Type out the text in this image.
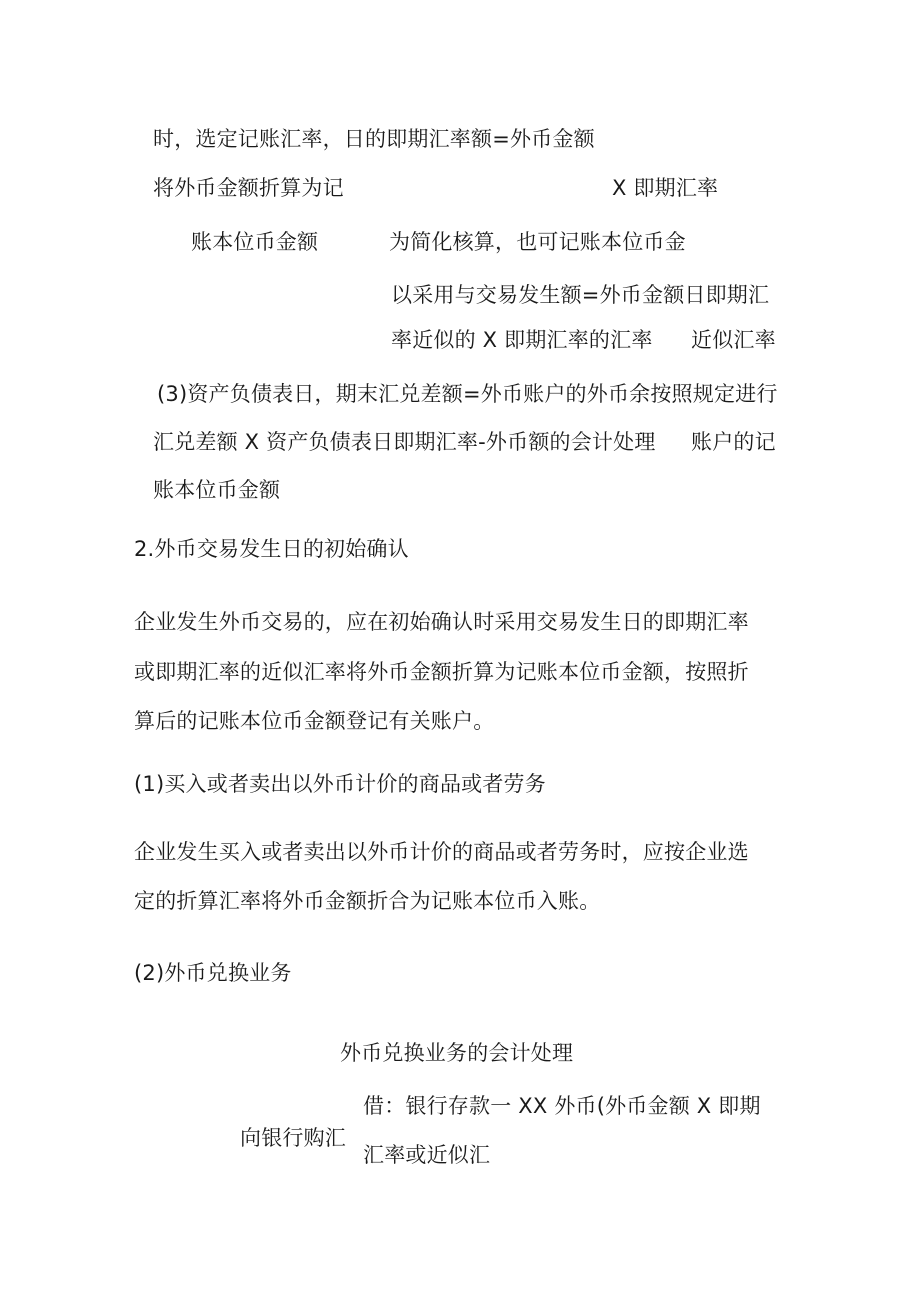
时，选定记账汇率，日的即期汇率额=外币金额
将外币金额折算为记	X 即期汇率
账本位币金额	为简化核算，也可记账本位币金
以采用与交易发生额=外币金额日即期汇
率近似的 X 即期汇率的汇率 近似汇率
(3)资产负债表日，期末汇兑差额=外币账户的外币余按照规定进行
汇兑差额 X 资产负债表日即期汇率-外币额的会计处理 账户的记
账本位币金额
2.外币交易发生日的初始确认
企业发生外币交易的，应在初始确认时采用交易发生日的即期汇率
或即期汇率的近似汇率将外币金额折算为记账本位币金额，按照折
算后的记账本位币金额登记有关账户。
(1)买入或者卖出以外币计价的商品或者劳务
企业发生买入或者卖出以外币计价的商品或者劳务时，应按企业选
定的折算汇率将外币金额折合为记账本位币入账。
(2)外币兑换业务
外币兑换业务的会计处理
向银行购汇
借：银行存款一 XX 外币(外币金额 X 即期
汇率或近似汇
